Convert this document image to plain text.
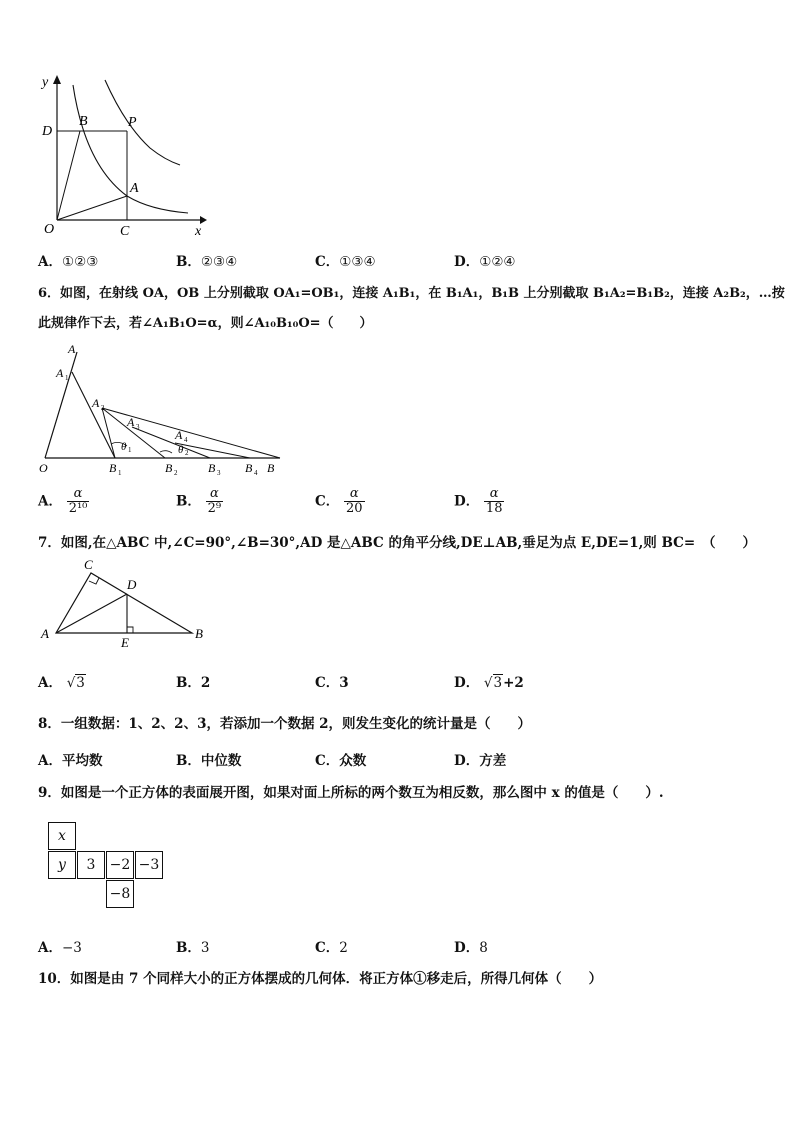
y
x
D
B	P
A
O	C
A．①②③	B．②③④	C．①③④	D．①②④
6．如图，在射线 OA，OB 上分别截取 OA₁=OB₁，连接 A₁B₁，在 B₁A₁，B₁B 上分别截取 B₁A₂=B₁B₂，连接 A₂B₂，…按
此规律作下去，若∠A₁B₁O=α，则∠A₁₀B₁₀O=（　　）
A
A 1
A 2
A 3
A 4
θ 1	θ 2
O	B 1	B 2	B 3 B 4 B
A． $\frac{\alpha}{\text{2¹⁰}}$	B． $\frac{\alpha}{\text{2⁹}}$	C． $\frac{\alpha}{20}$	D． $\frac{\alpha}{18}$
7．如图,在△ABC 中,∠C=90°,∠B=30°,AD 是△ABC 的角平分线,DE⊥AB,垂足为点 E,DE=1,则 BC=　（　　）
C
D
A
E
B
A． √3	B．2	C．3	D． √3+2
8．一组数据：1、2、2、3，若添加一个数据 2，则发生变化的统计量是（　　）
A．平均数	B．中位数	C．众数	D．方差
9．如图是一个正方体的表面展开图，如果对面上所标的两个数互为相反数，那么图中 x 的值是（　　）.
x
y 3 −2 −3
−8
A．−3	B．3	C．2	D．8
10．如图是由 7 个同样大小的正方体摆成的几何体．将正方体①移走后，所得几何体（　　）
